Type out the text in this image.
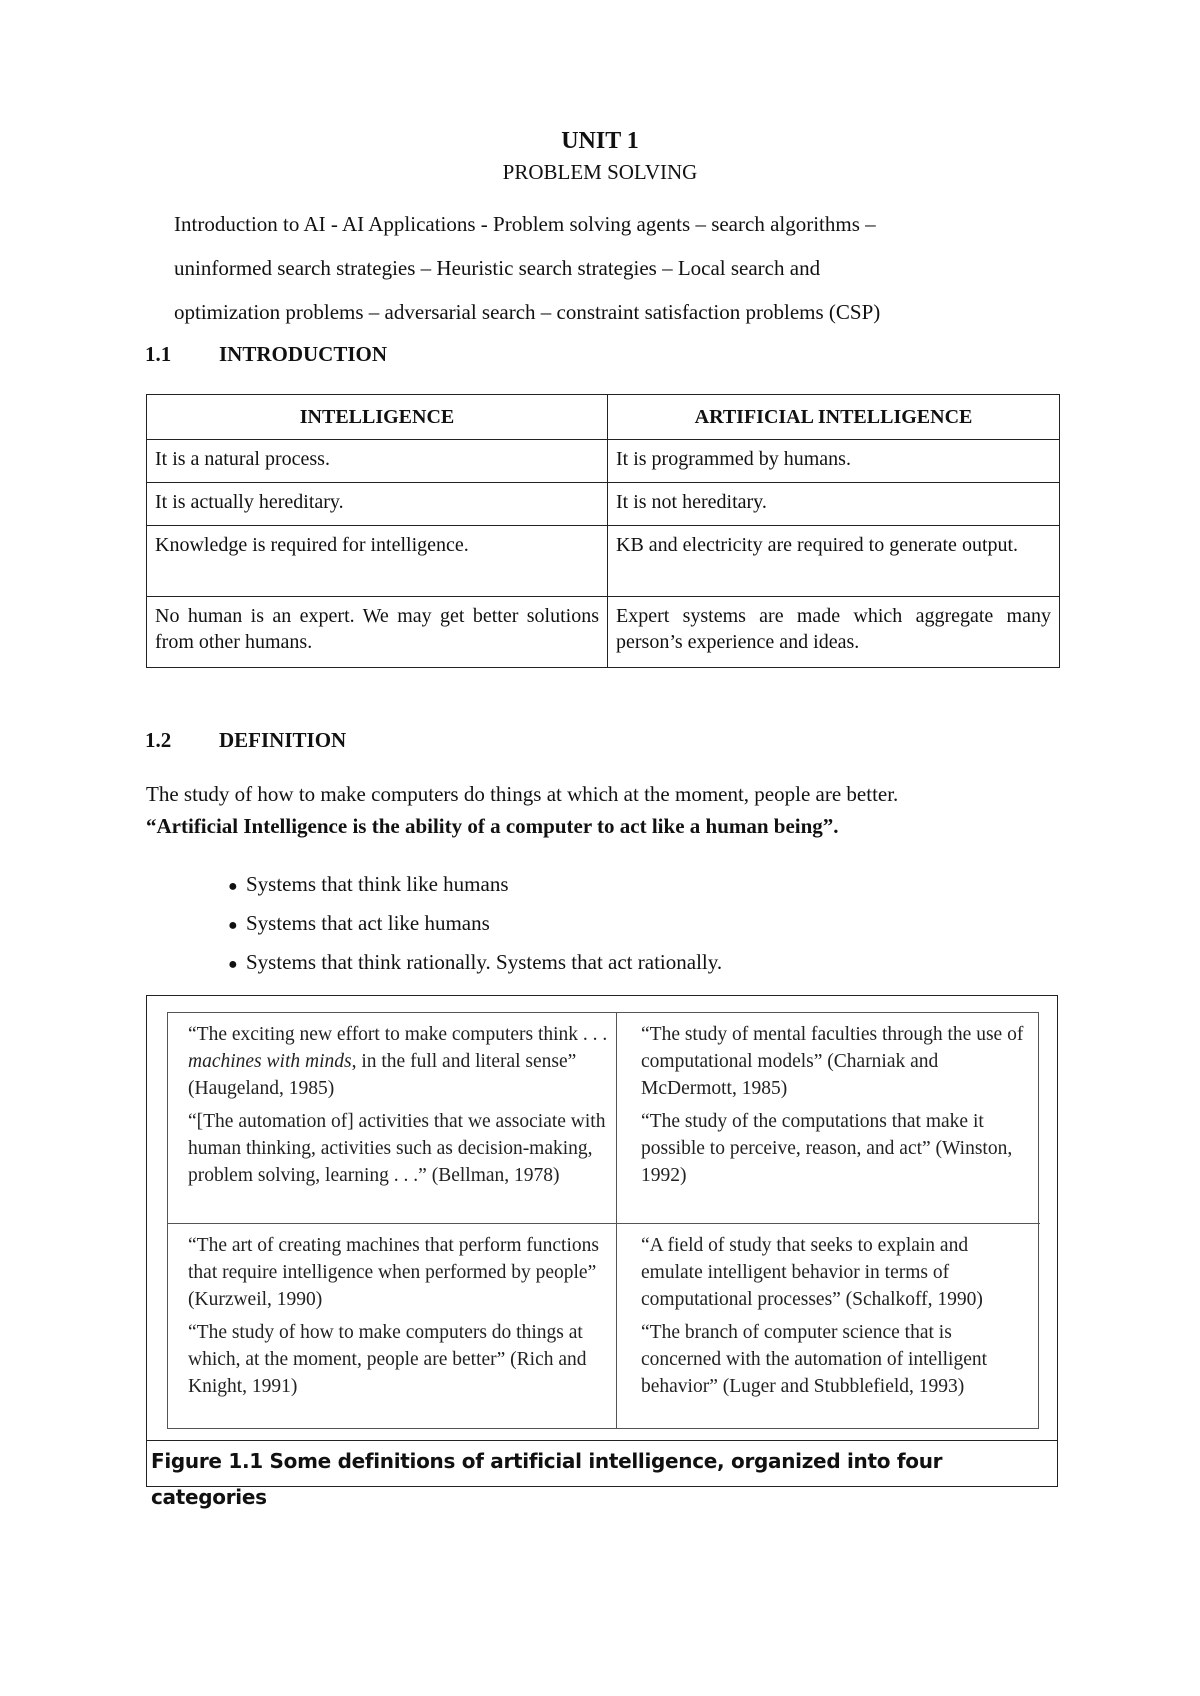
UNIT 1
PROBLEM SOLVING
Introduction to AI - AI Applications - Problem solving agents – search algorithms –
uninformed search strategies – Heuristic search strategies – Local search and
optimization problems – adversarial search – constraint satisfaction problems (CSP)
1.1 INTRODUCTION
INTELLIGENCE	ARTIFICIAL INTELLIGENCE
It is a natural process.	It is programmed by humans.
It is actually hereditary.	It is not hereditary.
Knowledge is required for intelligence.	KB and electricity are required to generate output.
No human is an expert. We may get better solutions from other humans.	Expert systems are made which aggregate many person’s experience and ideas.
1.2 DEFINITION
The study of how to make computers do things at which at the moment, people are better.
“Artificial Intelligence is the ability of a computer to act like a human being”.
● Systems that think like humans
● Systems that act like humans
● Systems that think rationally. Systems that act rationally.

“The exciting new effort to make computers think . . . machines with minds, in the full and literal sense” (Haugeland, 1985)

“[The automation of] activities that we associate with human thinking, activities such as decision-making, problem solving, learning . . .” (Bellman, 1978)

“The study of mental faculties through the use of computational models” (Charniak and McDermott, 1985)

“The study of the computations that make it possible to perceive, reason, and act” (Winston, 1992)

“The art of creating machines that perform functions that require intelligence when performed by people” (Kurzweil, 1990)

“The study of how to make computers do things at which, at the moment, people are better” (Rich and Knight, 1991)

“A field of study that seeks to explain and emulate intelligent behavior in terms of computational processes” (Schalkoff, 1990)

“The branch of computer science that is concerned with the automation of intelligent behavior” (Luger and Stubblefield, 1993)

Figure 1.1 Some definitions of artificial intelligence, organized into four categories
